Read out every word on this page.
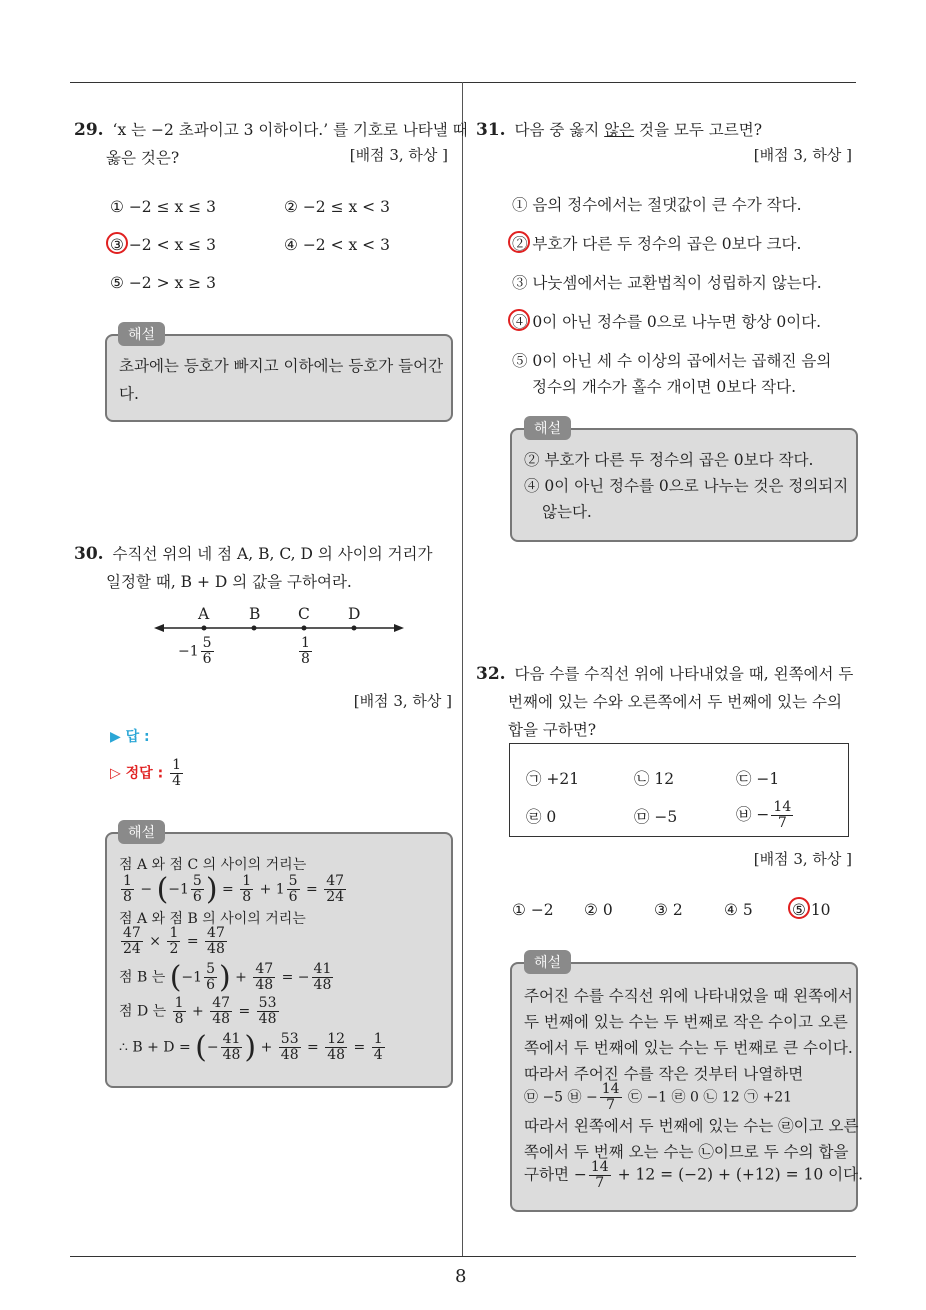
8
29. ‘x 는 −2 초과이고 3 이하이다.’ 를 기호로 나타낼 때
옳은 것은?	[배점 3, 하상 ]
① −2 ≤ x ≤ 3	② −2 ≤ x < 3
③ −2 < x ≤ 3	④ −2 < x < 3
⑤ −2 > x ≥ 3
초과에는 등호가 빠지고 이하에는 등호가 들어간
다.
해설
30. 수직선 위의 네 점 A, B, C, D 의 사이의 거리가
일정할 때, B + D 의 값을 구하여라.
A	B C D
$-1 \frac{5}{6}$	$\frac{1}{8}$
[배점 3, 하상 ]
▶ 답 :
▷ 정답 : $\frac{1}{4}$
점 A 와 점 C 의 사이의 거리는
$\frac{1}{8} - (-1 \frac{5}{6}$ ) = $\frac{1}{8} + 1 \frac{5}{6} = \frac{47}{24}$
점 A 와 점 B 의 사이의 거리는
$\frac{47}{24} \times \frac{1}{2} = \frac{47}{48}$
점 B 는 ($-1 \frac{5}{6}$ ) + $\frac{47}{48}$ = − $\frac{41}{48}$
점 D 는 $\frac{1}{8} + \frac{47}{48} = \frac{53}{48}$
∴ B + D = (− $\frac{41}{48}$ ) + $\frac{53}{48} = \frac{12}{48} = \frac{1}{4}$
해설
31. 다음 중 옳지 않은 것을 모두 고르면?
[배점 3, 하상 ]
① 음의 정수에서는 절댓값이 큰 수가 작다.
② 부호가 다른 두 정수의 곱은 0보다 크다.
③ 나눗셈에서는 교환법칙이 성립하지 않는다.
④ 0이 아닌 정수를 0으로 나누면 항상 0이다.
⑤ 0이 아닌 세 수 이상의 곱에서는 곱해진 음의
정수의 개수가 홀수 개이면 0보다 작다.
② 부호가 다른 두 정수의 곱은 0보다 작다.
④ 0이 아닌 정수를 0으로 나누는 것은 정의되지
않는다.
해설
32. 다음 수를 수직선 위에 나타내었을 때, 왼쪽에서 두
번째에 있는 수와 오른쪽에서 두 번째에 있는 수의
합을 구하면?
㉠ +21	㉡ 12	㉢ −1
㉣ 0	㉤ −5	㉥ − $\frac{14}{7}$
[배점 3, 하상 ]
① −2 ② 0	③ 2	④ 5	⑤ 10
주어진 수를 수직선 위에 나타내었을 때 왼쪽에서
두 번째에 있는 수는 두 번째로 작은 수이고 오른
쪽에서 두 번째에 있는 수는 두 번째로 큰 수이다.
따라서 주어진 수를 작은 것부터 나열하면
㉤ −5 ㉥ − $\frac{14}{7}$ ㉢ −1 ㉣ 0 ㉡ 12 ㉠ +21
따라서 왼쪽에서 두 번째에 있는 수는 ㉣이고 오른
쪽에서 두 번째 오는 수는 ㉡이므로 두 수의 합을
구하면 − $\frac{14}{7} + 12 = (-2) + (+12) = 10$ 이다.
해설
